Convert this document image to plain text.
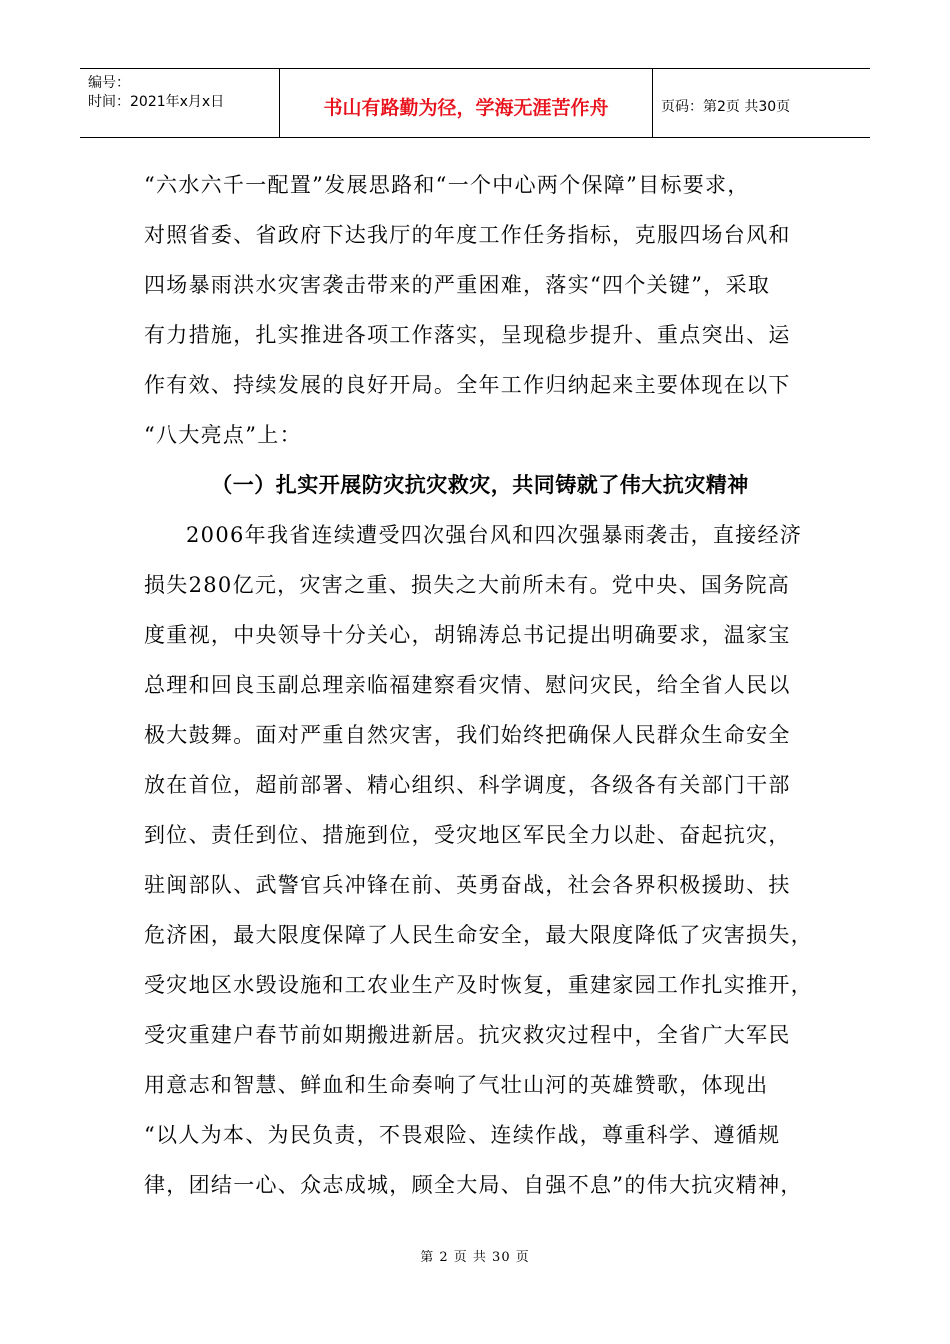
编号：
时间：2021年x月x日	书山有路勤为径，学海无涯苦作舟	页码：第2页 共30页
“六水六千一配置”发展思路和“一个中心两个保障”目标要求，
对照省委、省政府下达我厅的年度工作任务指标，克服四场台风和
四场暴雨洪水灾害袭击带来的严重困难，落实“四个关键”，采取
有力措施，扎实推进各项工作落实，呈现稳步提升、重点突出、运
作有效、持续发展的良好开局。全年工作归纳起来主要体现在以下
“八大亮点”上：
（一）扎实开展防灾抗灾救灾，共同铸就了伟大抗灾精神
2006年我省连续遭受四次强台风和四次强暴雨袭击，直接经济
损失280亿元，灾害之重、损失之大前所未有。党中央、国务院高
度重视，中央领导十分关心，胡锦涛总书记提出明确要求，温家宝
总理和回良玉副总理亲临福建察看灾情、慰问灾民，给全省人民以
极大鼓舞。面对严重自然灾害，我们始终把确保人民群众生命安全
放在首位，超前部署、精心组织、科学调度，各级各有关部门干部
到位、责任到位、措施到位，受灾地区军民全力以赴、奋起抗灾，
驻闽部队、武警官兵冲锋在前、英勇奋战，社会各界积极援助、扶
危济困，最大限度保障了人民生命安全，最大限度降低了灾害损失，
受灾地区水毁设施和工农业生产及时恢复，重建家园工作扎实推开，
受灾重建户春节前如期搬进新居。抗灾救灾过程中，全省广大军民
用意志和智慧、鲜血和生命奏响了气壮山河的英雄赞歌，体现出
“以人为本、为民负责，不畏艰险、连续作战，尊重科学、遵循规
律，团结一心、众志成城，顾全大局、自强不息”的伟大抗灾精神，
第 2 页 共 30 页
